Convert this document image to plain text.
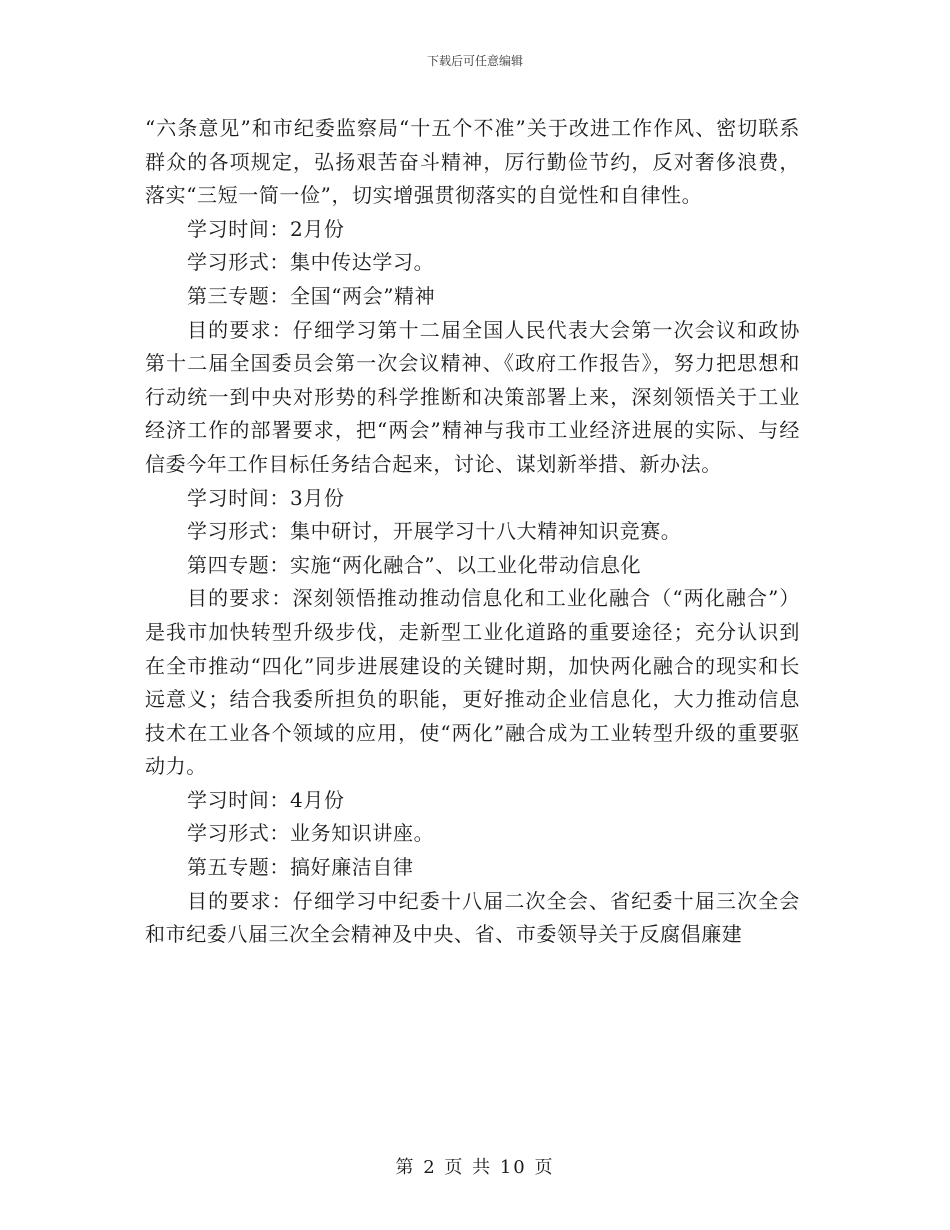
下载后可任意编辑

“六条意见”和市纪委监察局“十五个不准”关于改进工作作风、密切联系群众的各项规定，弘扬艰苦奋斗精神，厉行勤俭节约，反对奢侈浪费，落实“三短一简一俭”，切实增强贯彻落实的自觉性和自律性。

学习时间：2月份

学习形式：集中传达学习。

第三专题：全国“两会”精神

目的要求：仔细学习第十二届全国人民代表大会第一次会议和政协第十二届全国委员会第一次会议精神、《政府工作报告》，努力把思想和行动统一到中央对形势的科学推断和决策部署上来，深刻领悟关于工业经济工作的部署要求，把“两会”精神与我市工业经济进展的实际、与经信委今年工作目标任务结合起来，讨论、谋划新举措、新办法。

学习时间：3月份

学习形式：集中研讨，开展学习十八大精神知识竞赛。

第四专题：实施“两化融合”、以工业化带动信息化

目的要求：深刻领悟推动推动信息化和工业化融合（“两化融合”）是我市加快转型升级步伐，走新型工业化道路的重要途径；充分认识到在全市推动“四化”同步进展建设的关键时期，加快两化融合的现实和长远意义；结合我委所担负的职能，更好推动企业信息化，大力推动信息技术在工业各个领域的应用，使“两化”融合成为工业转型升级的重要驱动力。

学习时间：4月份

学习形式：业务知识讲座。

第五专题：搞好廉洁自律

目的要求：仔细学习中纪委十八届二次全会、省纪委十届三次全会和市纪委八届三次全会精神及中央、省、市委领导关于反腐倡廉建

第 2 页 共 10 页
